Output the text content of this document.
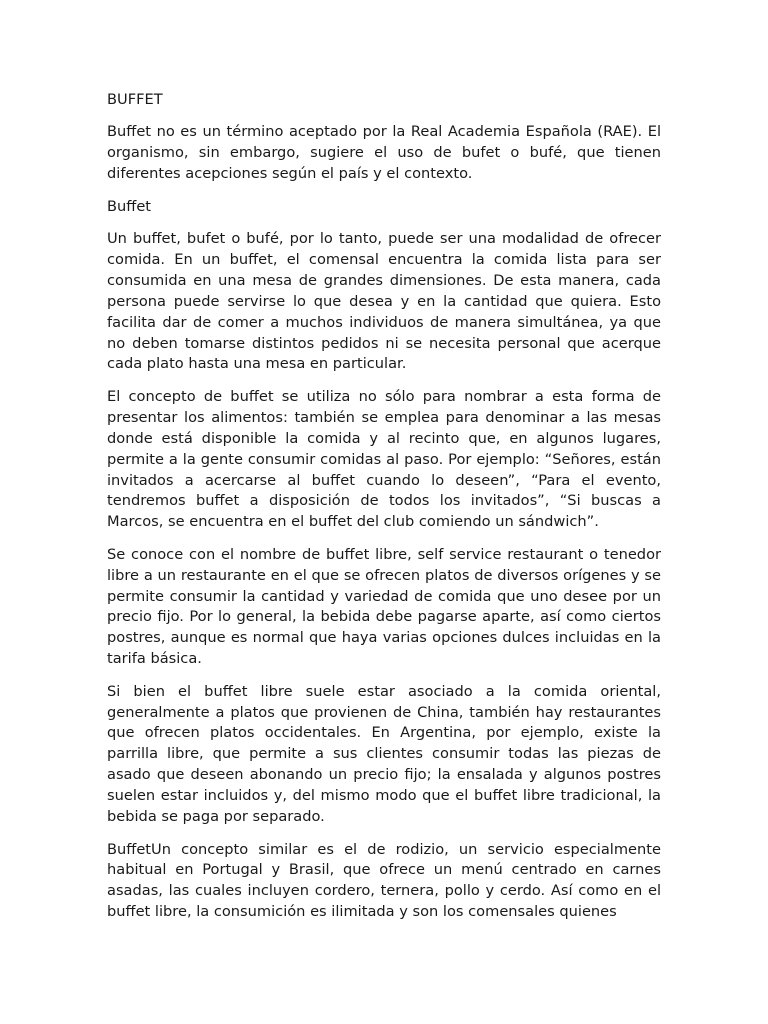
BUFFET

Buffet no es un término aceptado por la Real Academia Española (RAE). El organismo, sin embargo, sugiere el uso de bufet o bufé, que tienen diferentes acepciones según el país y el contexto.

Buffet

Un buffet, bufet o bufé, por lo tanto, puede ser una modalidad de ofrecer comida. En un buffet, el comensal encuentra la comida lista para ser consumida en una mesa de grandes dimensiones. De esta manera, cada persona puede servirse lo que desea y en la cantidad que quiera. Esto facilita dar de comer a muchos individuos de manera simultánea, ya que no deben tomarse distintos pedidos ni se necesita personal que acerque cada plato hasta una mesa en particular.

El concepto de buffet se utiliza no sólo para nombrar a esta forma de presentar los alimentos: también se emplea para denominar a las mesas donde está disponible la comida y al recinto que, en algunos lugares, permite a la gente consumir comidas al paso. Por ejemplo: “Señores, están invitados a acercarse al buffet cuando lo deseen”, “Para el evento, tendremos buffet a disposición de todos los invitados”, “Si buscas a Marcos, se encuentra en el buffet del club comiendo un sándwich”.

Se conoce con el nombre de buffet libre, self service restaurant o tenedor libre a un restaurante en el que se ofrecen platos de diversos orígenes y se permite consumir la cantidad y variedad de comida que uno desee por un precio fijo. Por lo general, la bebida debe pagarse aparte, así como ciertos postres, aunque es normal que haya varias opciones dulces incluidas en la tarifa básica.

Si bien el buffet libre suele estar asociado a la comida oriental, generalmente a platos que provienen de China, también hay restaurantes que ofrecen platos occidentales. En Argentina, por ejemplo, existe la parrilla libre, que permite a sus clientes consumir todas las piezas de asado que deseen abonando un precio fijo; la ensalada y algunos postres suelen estar incluidos y, del mismo modo que el buffet libre tradicional, la bebida se paga por separado.

BuffetUn concepto similar es el de rodizio, un servicio especialmente habitual en Portugal y Brasil, que ofrece un menú centrado en carnes asadas, las cuales incluyen cordero, ternera, pollo y cerdo. Así como en el buffet libre, la consumición es ilimitada y son los comensales quienes
